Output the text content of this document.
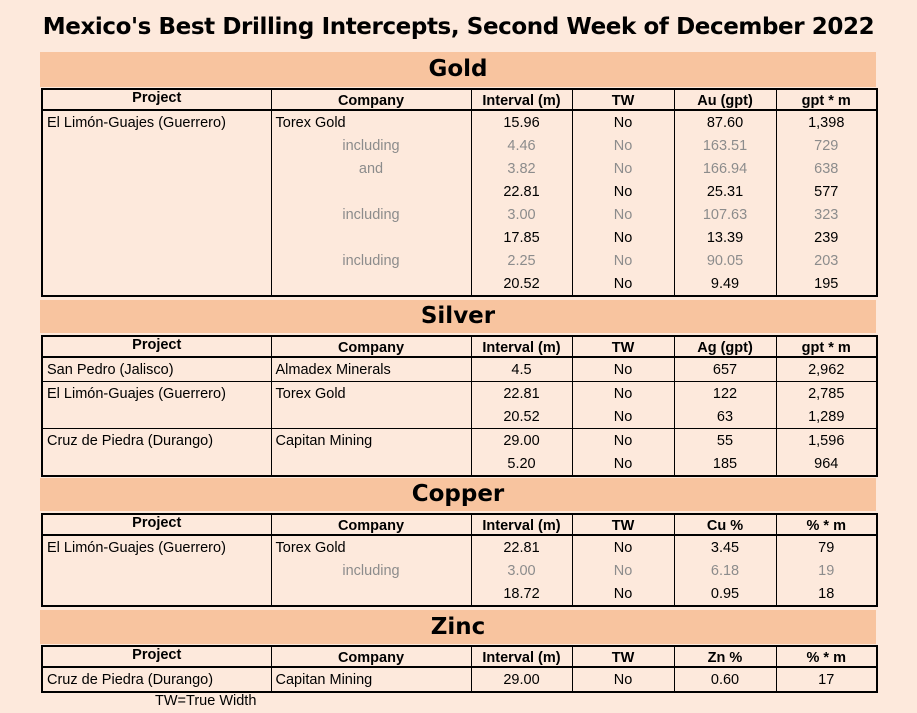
Mexico's Best Drilling Intercepts, Second Week of December 2022
Gold
Project	Company	Interval (m)	TW	Au (gpt)	gpt * m
El Limón-Guajes (Guerrero)	Torex Gold	15.96	No	87.60	1,398
	including	4.46	No	163.51	729
	and	3.82	No	166.94	638
		22.81	No	25.31	577
	including	3.00	No	107.63	323
		17.85	No	13.39	239
	including	2.25	No	90.05	203
		20.52	No	9.49	195
Silver
Project	Company	Interval (m)	TW	Ag (gpt)	gpt * m
San Pedro (Jalisco)	Almadex Minerals	4.5	No	657	2,962
El Limón-Guajes (Guerrero)	Torex Gold	22.81	No	122	2,785
		20.52	No	63	1,289
Cruz de Piedra (Durango)	Capitan Mining	29.00	No	55	1,596
		5.20	No	185	964
Copper
Project	Company	Interval (m)	TW	Cu %	% * m
El Limón-Guajes (Guerrero)	Torex Gold	22.81	No	3.45	79
	including	3.00	No	6.18	19
		18.72	No	0.95	18
Zinc
Project	Company	Interval (m)	TW	Zn %	% * m
Cruz de Piedra (Durango)	Capitan Mining	29.00	No	0.60	17
TW=True Width
